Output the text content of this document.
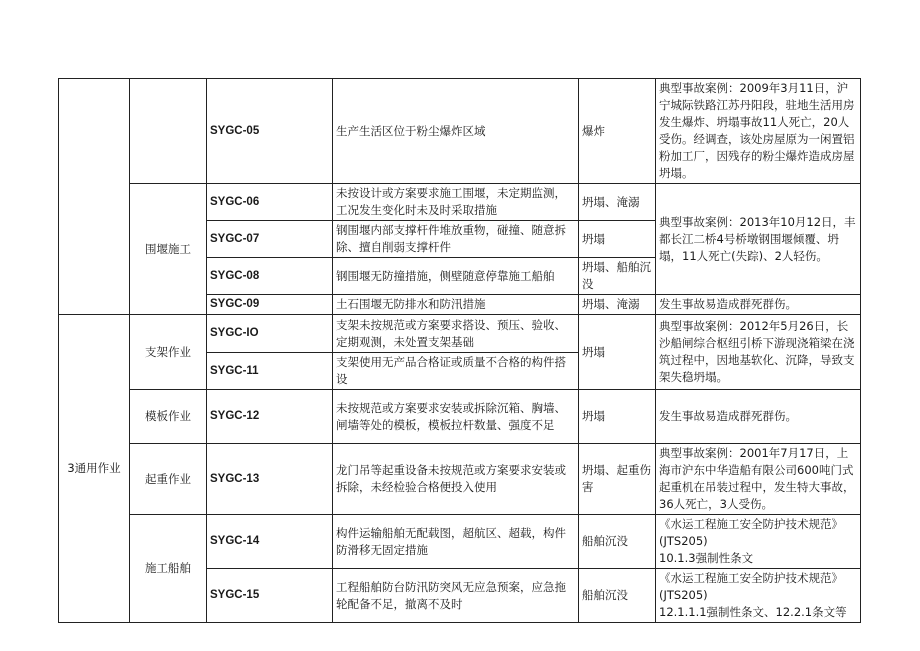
		SYGC-05	生产生活区位于粉尘爆炸区域	爆炸	典型事故案例：2009年3月11日，沪宁城际铁路江苏丹阳段，驻地生活用房发生爆炸、坍塌事故11人死亡，20人受伤。经调查，该处房屋原为一闲置铝粉加工厂，因残存的粉尘爆炸造成房屋坍塌。
	围堰施工	SYGC-06	未按设计或方案要求施工围堰，未定期监测，工况发生变化时未及时采取措施	坍塌、淹溺	典型事故案例：2013年10月12日，丰都长江二桥4号桥墩钢围堰倾覆、坍塌，11人死亡(失踪)、2人轻伤。
		SYGC-07	钢围堰内部支撑杆件堆放重物，碰撞、随意拆除、擅自削弱支撑杆件	坍塌	
		SYGC-08	钢围堰无防撞措施，侧壁随意停靠施工船舶	坍塌、船舶沉没	
		SYGC-09	土石围堰无防排水和防汛措施	坍塌、淹溺	发生事故易造成群死群伤。
3通用作业	支架作业	SYGC-IO	支架未按规范或方案要求搭设、预压、验收、定期观测，未处置支架基础	坍塌	典型事故案例：2012年5月26日，长沙船闸综合枢纽引桥下游现浇箱梁在浇筑过程中，因地基软化、沉降，导致支架失稳坍塌。
		SYGC-11	支架使用无产品合格证或质量不合格的构件搭设		
	模板作业	SYGC-12	未按规范或方案要求安装或拆除沉箱、胸墙、闸墙等处的模板，模板拉杆数量、强度不足	坍塌	发生事故易造成群死群伤。
	起重作业	SYGC-13	龙门吊等起重设备未按规范或方案要求安装或拆除，未经检验合格便投入使用	坍塌、起重伤害	典型事故案例：2001年7月17日，上海市沪东中华造船有限公司600吨门式起重机在吊装过程中，发生特大事故，36人死亡，3人受伤。
	施工船舶	SYGC-14	构件运输船舶无配载图，超航区、超载，构件防滑移无固定措施	船舶沉没	《水运工程施工安全防护技术规范》(JTS205)
10.1.3强制性条文

		SYGC-15	工程船舶防台防汛防突风无应急预案，应急拖轮配备不足，撤离不及时	船舶沉没	《水运工程施工安全防护技术规范》(JTS205)
12.1.1.1强制性条文、12.2.1条文等
